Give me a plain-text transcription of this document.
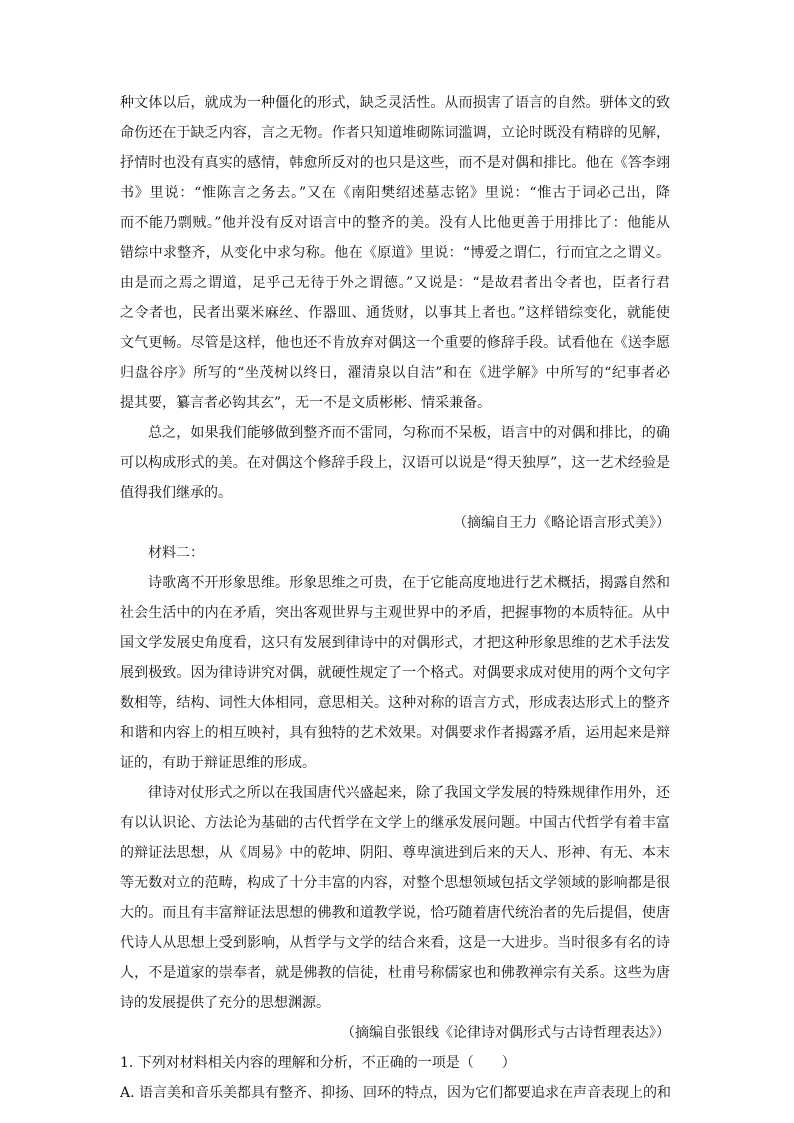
种文体以后，就成为一种僵化的形式，缺乏灵活性。从而损害了语言的自然。骈体文的致
命伤还在于缺乏内容，言之无物。作者只知道堆砌陈词滥调，立论时既没有精辟的见解，
抒情时也没有真实的感情，韩愈所反对的也只是这些，而不是对偶和排比。他在《答李翊
书》里说：“惟陈言之务去。”又在《南阳樊绍述墓志铭》里说：“惟古于词必己出，降
而不能乃剽贼。”他并没有反对语言中的整齐的美。没有人比他更善于用排比了：他能从
错综中求整齐，从变化中求匀称。他在《原道》里说：“博爱之谓仁，行而宜之之谓义。
由是而之焉之谓道，足乎己无待于外之谓德。”又说是：“是故君者出令者也，臣者行君
之令者也，民者出粟米麻丝、作器皿、通货财，以事其上者也。”这样错综变化，就能使
文气更畅。尽管是这样，他也还不肯放弃对偶这一个重要的修辞手段。试看他在《送李愿
归盘谷序》所写的“坐茂树以终日，濯清泉以自洁”和在《进学解》中所写的“纪事者必
提其要，纂言者必钩其玄”，无一不是文质彬彬、情采兼备。
总之，如果我们能够做到整齐而不雷同，匀称而不呆板，语言中的对偶和排比，的确
可以构成形式的美。在对偶这个修辞手段上，汉语可以说是“得天独厚”，这一艺术经验是
值得我们继承的。
（摘编自王力《略论语言形式美》）
材料二：
诗歌离不开形象思维。形象思维之可贵，在于它能高度地进行艺术概括，揭露自然和
社会生活中的内在矛盾，突出客观世界与主观世界中的矛盾，把握事物的本质特征。从中
国文学发展史角度看，这只有发展到律诗中的对偶形式，才把这种形象思维的艺术手法发
展到极致。因为律诗讲究对偶，就硬性规定了一个格式。对偶要求成对使用的两个文句字
数相等，结构、词性大体相同，意思相关。这种对称的语言方式，形成表达形式上的整齐
和谐和内容上的相互映衬，具有独特的艺术效果。对偶要求作者揭露矛盾，运用起来是辩
证的，有助于辩证思维的形成。
律诗对仗形式之所以在我国唐代兴盛起来，除了我国文学发展的特殊规律作用外，还
有以认识论、方法论为基础的古代哲学在文学上的继承发展问题。中国古代哲学有着丰富
的辩证法思想，从《周易》中的乾坤、阴阳、尊卑演进到后来的天人、形神、有无、本末
等无数对立的范畴，构成了十分丰富的内容，对整个思想领域包括文学领域的影响都是很
大的。而且有丰富辩证法思想的佛教和道教学说，恰巧随着唐代统治者的先后提倡，使唐
代诗人从思想上受到影响，从哲学与文学的结合来看，这是一大进步。当时很多有名的诗
人，不是道家的崇奉者，就是佛教的信徒，杜甫号称儒家也和佛教禅宗有关系。这些为唐
诗的发展提供了充分的思想渊源。
（摘编自张银线《论律诗对偶形式与古诗哲理表达》）
1. 下列对材料相关内容的理解和分析，不正确的一项是（　　）
A. 语言美和音乐美都具有整齐、抑扬、回环的特点，因为它们都要追求在声音表现上的和
